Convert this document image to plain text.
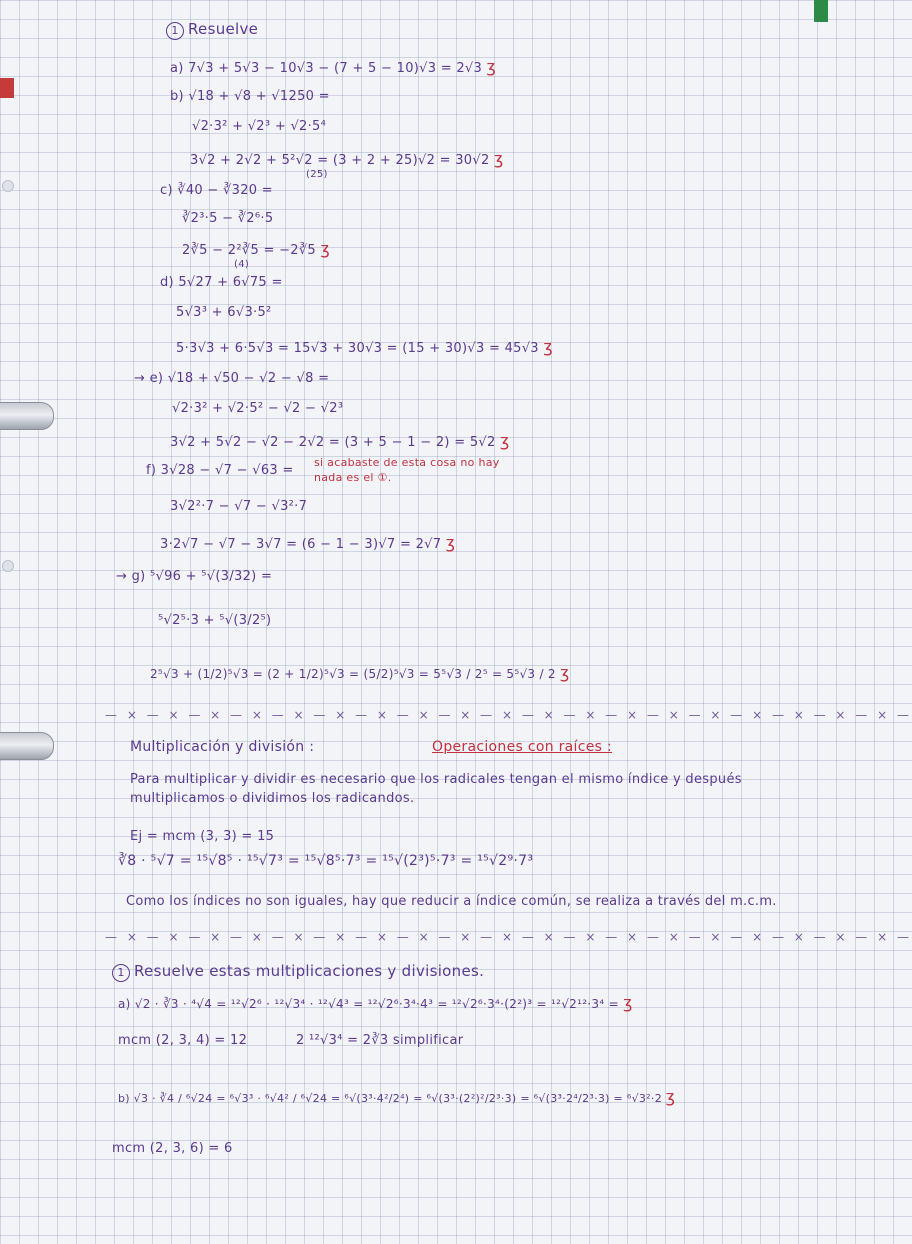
1 Resuelve
a) 7√3 + 5√3 − 10√3 − (7 + 5 − 10)√3 = 2√3 ʒ
b) √18 + √8 + √1250 =
√2·3² + √2³ + √2·5⁴
3√2 + 2√2 + 5²√2 = (3 + 2 + 25)√2 = 30√2 ʒ
(25)
c) ∛40 − ∛320 =
∛2³·5 − ∛2⁶·5
2∛5 − 2²∛5 = −2∛5 ʒ
(4)
d) 5√27 + 6√75 =
5√3³ + 6√3·5²
5·3√3 + 6·5√3 = 15√3 + 30√3 = (15 + 30)√3 = 45√3 ʒ
→ e) √18 + √50 − √2 − √8 =
√2·3² + √2·5² − √2 − √2³
3√2 + 5√2 − √2 − 2√2 = (3 + 5 − 1 − 2) = 5√2 ʒ
f) 3√28 − √7 − √63 =
si acabaste de esta cosa no hay nada es el ①.
3√2²·7 − √7 − √3²·7
3·2√7 − √7 − 3√7 = (6 − 1 − 3)√7 = 2√7 ʒ
→ g) ⁵√96 + ⁵√(3/32) =
⁵√2⁵·3 + ⁵√(3/2⁵)
2⁵√3 + (1/2)⁵√3 = (2 + 1/2)⁵√3 = (5/2)⁵√3 = 5⁵√3 / 2⁵ = 5⁵√3 / 2 ʒ
— × — × — × — × — × — × — × — × — × — × — × — × — × — × — × — × — × — × — × —
Multiplicación y división :	Operaciones con raíces :
Para multiplicar y dividir es necesario que los radicales tengan el mismo índice y después multiplicamos o dividimos los radicandos.
Ej = mcm (3, 3) = 15
∛8 · ⁵√7 = ¹⁵√8⁵ · ¹⁵√7³ = ¹⁵√8⁵·7³ = ¹⁵√(2³)⁵·7³ = ¹⁵√2⁹·7³
Como los índices no son iguales, hay que reducir a índice común, se realiza a través del m.c.m.
— × — × — × — × — × — × — × — × — × — × — × — × — × — × — × — × — × — × — × —
1 Resuelve estas multiplicaciones y divisiones.
a) √2 · ∛3 · ⁴√4 = ¹²√2⁶ · ¹²√3⁴ · ¹²√4³ = ¹²√2⁶·3⁴·4³ = ¹²√2⁶·3⁴·(2²)³ = ¹²√2¹²·3⁴ = ʒ
mcm (2, 3, 4) = 12	2 ¹²√3⁴ = 2∛3 simplificar
b) √3 · ∛4 / ⁶√24 = ⁶√3³ · ⁶√4² / ⁶√24 = ⁶√(3³·4²/2⁴) = ⁶√(3³·(2²)²/2³·3) = ⁶√(3³·2⁴/2³·3) = ⁶√3²·2 ʒ
mcm (2, 3, 6) = 6
